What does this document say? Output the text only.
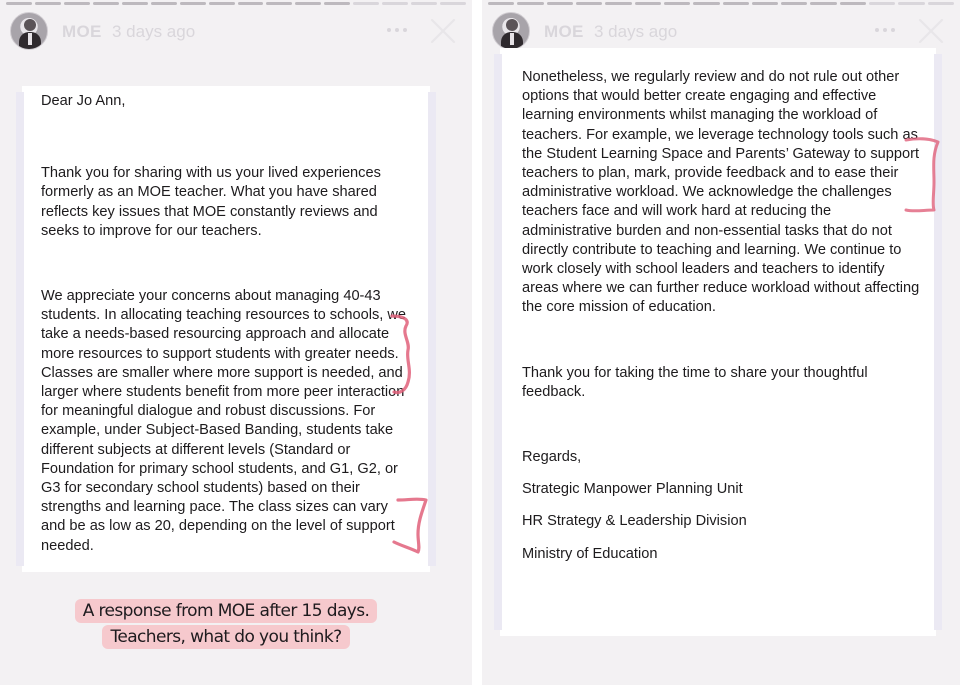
MOE 3 days ago

Dear Jo Ann,

Thank you for sharing with us your lived experiences formerly as an MOE teacher. What you have shared reflects key issues that MOE constantly reviews and seeks to improve for our teachers.

We appreciate your concerns about managing 40-43 students. In allocating teaching resources to schools, we take a needs-based resourcing approach and allocate more resources to support students with greater needs. Classes are smaller where more support is needed, and larger where students benefit from more peer interaction for meaningful dialogue and robust discussions. For example, under Subject-Based Banding, students take different subjects at different levels (Standard or Foundation for primary school students, and G1, G2, or G3 for secondary school students) based on their strengths and learning pace. The class sizes can vary and be as low as 20, depending on the level of support needed.

A response from MOE after 15 days. Teachers, what do you think?
MOE 3 days ago

Nonetheless, we regularly review and do not rule out other options that would better create engaging and effective learning environments whilst managing the workload of teachers. For example, we leverage technology tools such as the Student Learning Space and Parents’ Gateway to support teachers to plan, mark, provide feedback and to ease their administrative workload. We acknowledge the challenges teachers face and will work hard at reducing the administrative burden and non-essential tasks that do not directly contribute to teaching and learning. We continue to work closely with school leaders and teachers to identify areas where we can further reduce workload without affecting the core mission of education.

Thank you for taking the time to share your thoughtful feedback.

Regards,

Strategic Manpower Planning Unit

HR Strategy & Leadership Division

Ministry of Education
